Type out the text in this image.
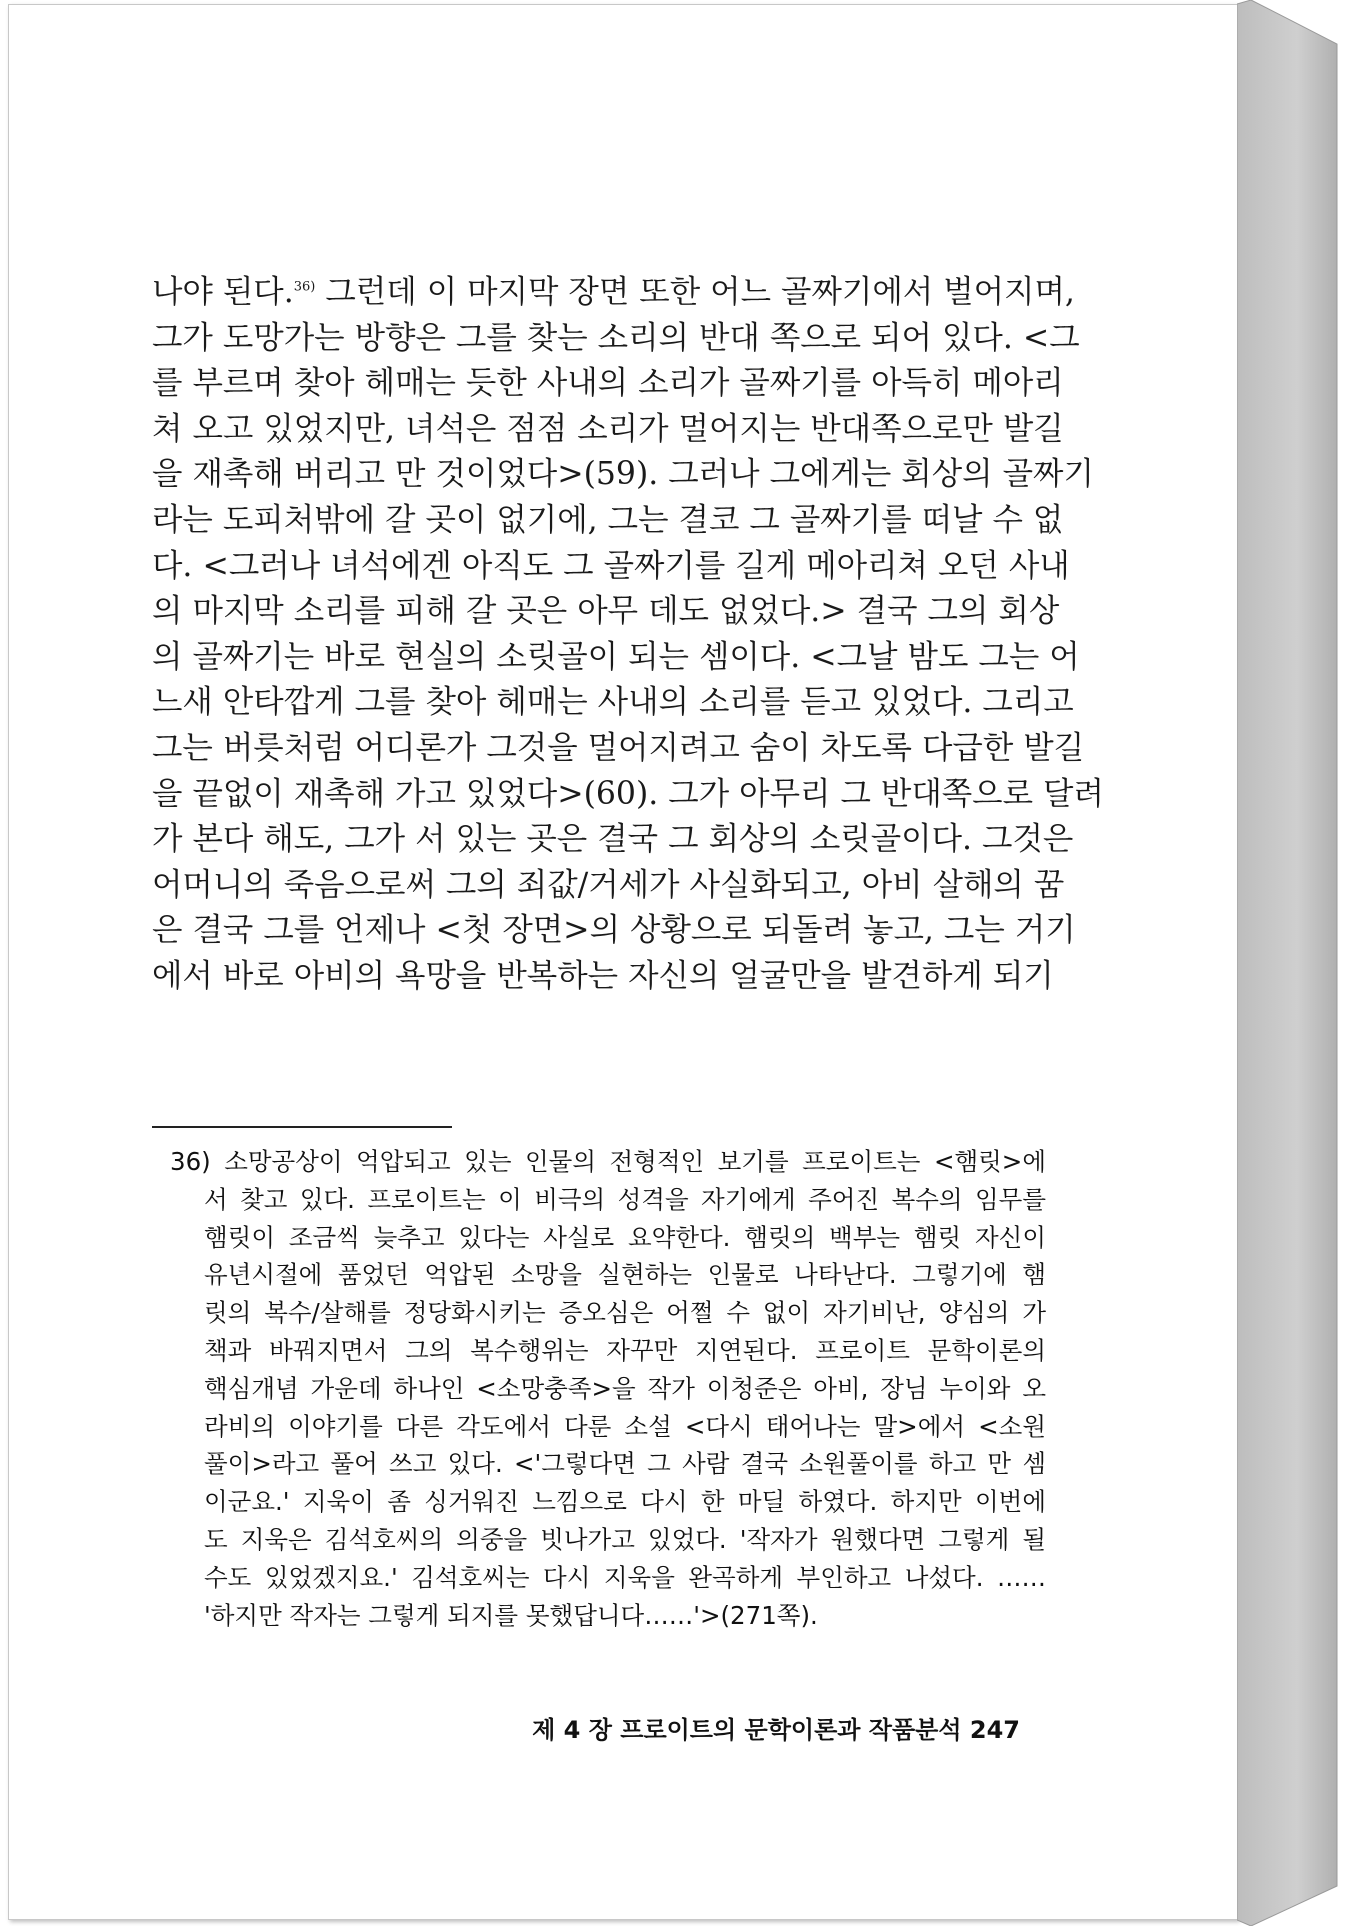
나야 된다.$^{36)}$ 그런데 이 마지막 장면 또한 어느 골짜기에서 벌어지며,
그가 도망가는 방향은 그를 찾는 소리의 반대 쪽으로 되어 있다. <그
를 부르며 찾아 헤매는 듯한 사내의 소리가 골짜기를 아득히 메아리
쳐 오고 있었지만, 녀석은 점점 소리가 멀어지는 반대쪽으로만 발길
을 재촉해 버리고 만 것이었다>(59). 그러나 그에게는 회상의 골짜기
라는 도피처밖에 갈 곳이 없기에, 그는 결코 그 골짜기를 떠날 수 없
다. <그러나 녀석에겐 아직도 그 골짜기를 길게 메아리쳐 오던 사내
의 마지막 소리를 피해 갈 곳은 아무 데도 없었다.> 결국 그의 회상
의 골짜기는 바로 현실의 소릿골이 되는 셈이다. <그날 밤도 그는 어
느새 안타깝게 그를 찾아 헤매는 사내의 소리를 듣고 있었다. 그리고
그는 버릇처럼 어디론가 그것을 멀어지려고 숨이 차도록 다급한 발길
을 끝없이 재촉해 가고 있었다>(60). 그가 아무리 그 반대쪽으로 달려
가 본다 해도, 그가 서 있는 곳은 결국 그 회상의 소릿골이다. 그것은
어머니의 죽음으로써 그의 죄값/거세가 사실화되고, 아비 살해의 꿈
은 결국 그를 언제나 <첫 장면>의 상황으로 되돌려 놓고, 그는 거기
에서 바로 아비의 욕망을 반복하는 자신의 얼굴만을 발견하게 되기
36) 소망공상이 억압되고 있는 인물의 전형적인 보기를 프로이트는 <햄릿>에
서 찾고 있다. 프로이트는 이 비극의 성격을 자기에게 주어진 복수의 임무를
햄릿이 조금씩 늦추고 있다는 사실로 요약한다. 햄릿의 백부는 햄릿 자신이
유년시절에 품었던 억압된 소망을 실현하는 인물로 나타난다. 그렇기에 햄
릿의 복수/살해를 정당화시키는 증오심은 어쩔 수 없이 자기비난, 양심의 가
책과 바꿔지면서 그의 복수행위는 자꾸만 지연된다. 프로이트 문학이론의
핵심개념 가운데 하나인 <소망충족>을 작가 이청준은 아비, 장님 누이와 오
라비의 이야기를 다른 각도에서 다룬 소설 <다시 태어나는 말>에서 <소원
풀이>라고 풀어 쓰고 있다. <'그렇다면 그 사람 결국 소원풀이를 하고 만 셈
이군요.' 지욱이 좀 싱거워진 느낌으로 다시 한 마딜 하였다. 하지만 이번에
도 지욱은 김석호씨의 의중을 빗나가고 있었다. '작자가 원했다면 그렇게 될
수도 있었겠지요.' 김석호씨는 다시 지욱을 완곡하게 부인하고 나섰다. ……
'하지만 작자는 그렇게 되지를 못했답니다……'>(271쪽).
제 4 장 프로이트의 문학이론과 작품분석 247
